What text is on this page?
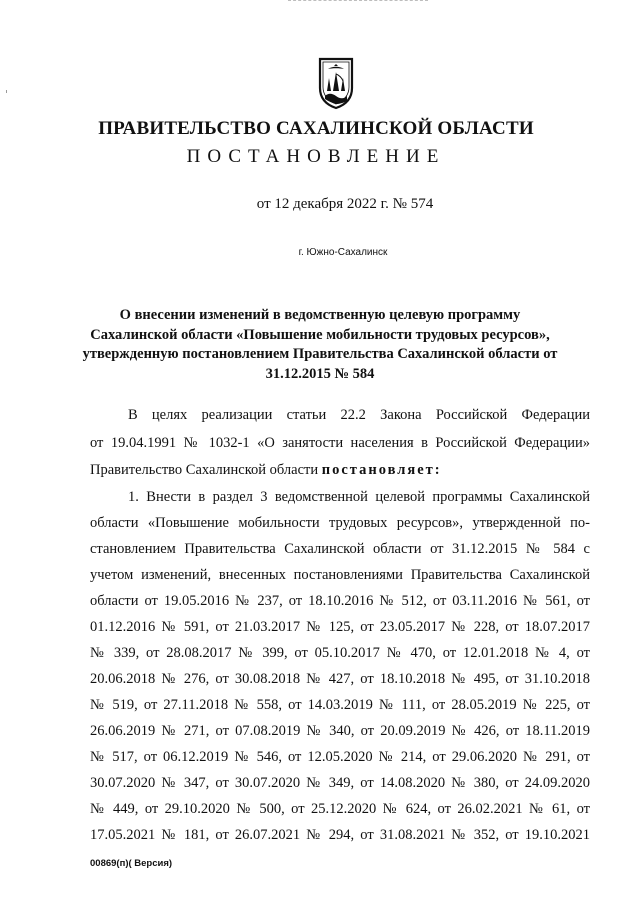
ПРАВИТЕЛЬСТВО САХАЛИНСКОЙ ОБЛАСТИ
ПОСТАНОВЛЕНИЕ
от 12 декабря 2022 г. № 574
г. Южно-Сахалинск
О внесении изменений в ведомственную целевую программу
Сахалинской области «Повышение мобильности трудовых ресурсов»,
утвержденную постановлением Правительства Сахалинской области от
31.12.2015 № 584
В целях реализации статьи 22.2 Закона Российской Федерации
от 19.04.1991 № 1032-1 «О занятости населения в Российской Федерации»
Правительство Сахалинской области постановляет:
1. Внести в раздел 3 ведомственной целевой программы Сахалинской
области «Повышение мобильности трудовых ресурсов», утвержденной по-
становлением Правительства Сахалинской области от 31.12.2015 № 584 с
учетом изменений, внесенных постановлениями Правительства Сахалинской
области от 19.05.2016 № 237, от 18.10.2016 № 512, от 03.11.2016 № 561, от
01.12.2016 № 591, от 21.03.2017 № 125, от 23.05.2017 № 228, от 18.07.2017
№ 339, от 28.08.2017 № 399, от 05.10.2017 № 470, от 12.01.2018 № 4, от
20.06.2018 № 276, от 30.08.2018 № 427, от 18.10.2018 № 495, от 31.10.2018
№ 519, от 27.11.2018 № 558, от 14.03.2019 № 111, от 28.05.2019 № 225, от
26.06.2019 № 271, от 07.08.2019 № 340, от 20.09.2019 № 426, от 18.11.2019
№ 517, от 06.12.2019 № 546, от 12.05.2020 № 214, от 29.06.2020 № 291, от
30.07.2020 № 347, от 30.07.2020 № 349, от 14.08.2020 № 380, от 24.09.2020
№ 449, от 29.10.2020 № 500, от 25.12.2020 № 624, от 26.02.2021 № 61, от
17.05.2021 № 181, от 26.07.2021 № 294, от 31.08.2021 № 352, от 19.10.2021
00869(п)( Версия)
